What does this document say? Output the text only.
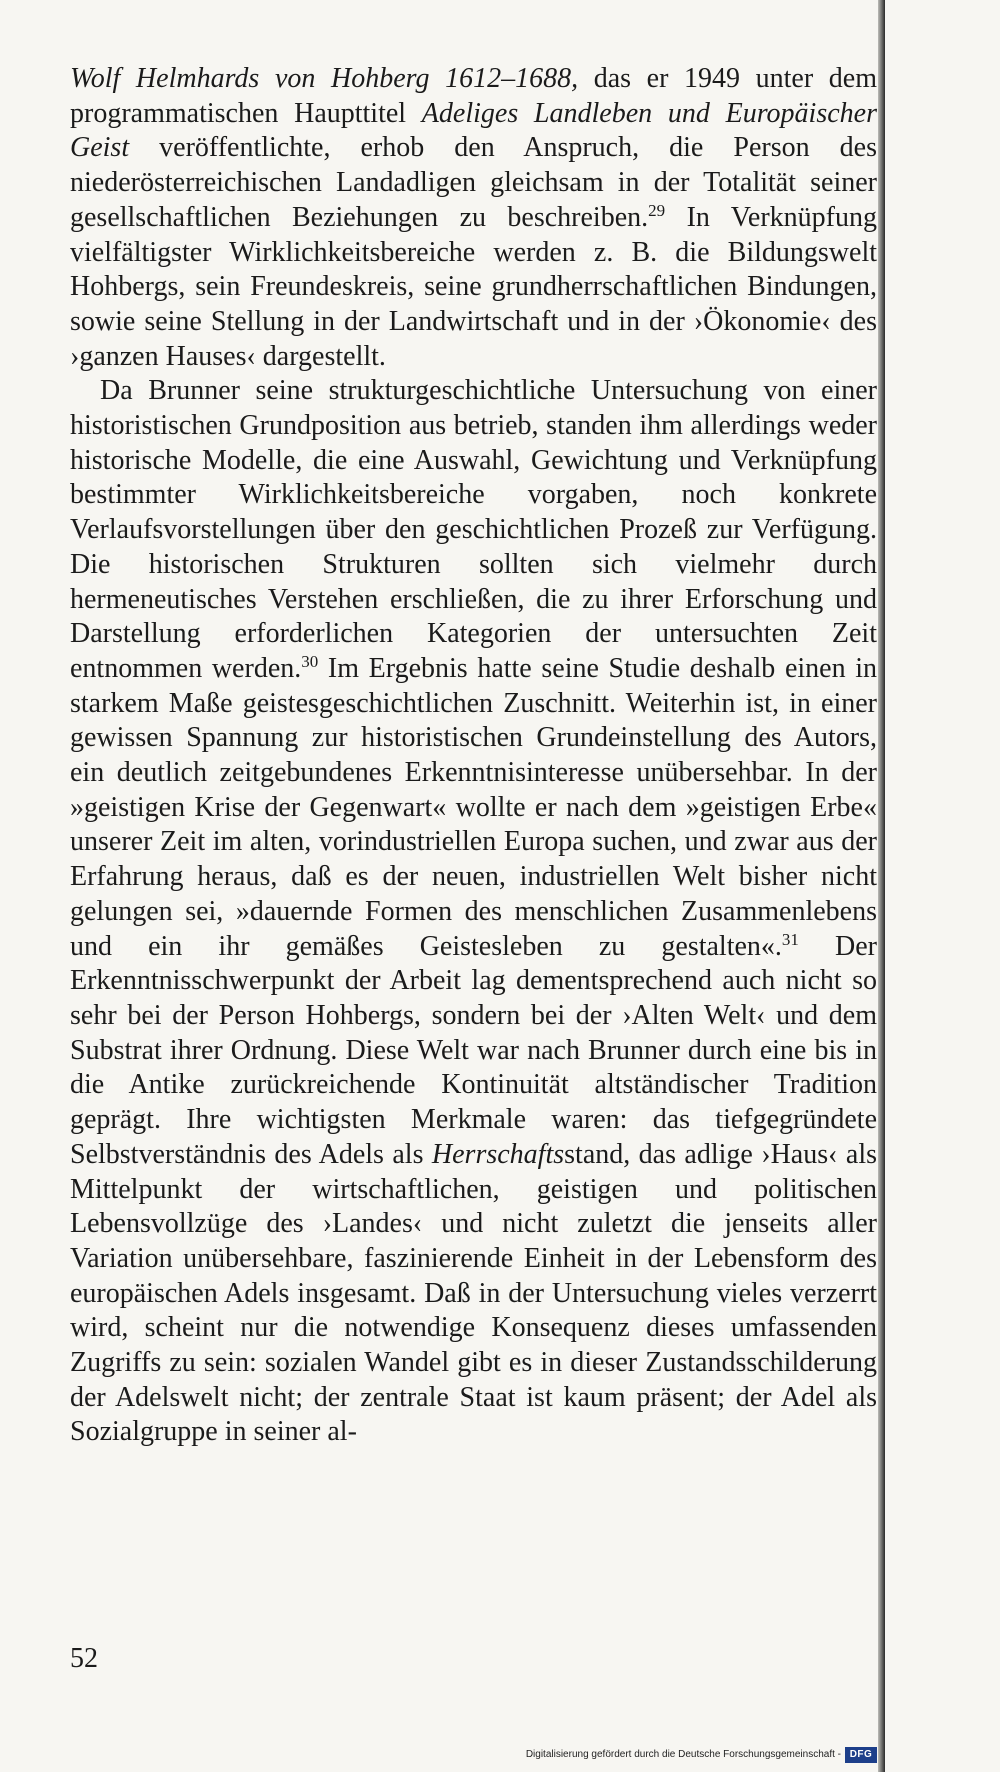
Wolf Helmhards von Hohberg 1612–1688, das er 1949 unter dem programmatischen Haupttitel Adeliges Landleben und Europäischer Geist veröffentlichte, erhob den Anspruch, die Person des niederösterreichischen Landadligen gleichsam in der Totalität seiner gesellschaftlichen Beziehungen zu beschreiben.$^{29}$ In Verknüpfung vielfältigster Wirklichkeitsbereiche werden z. B. die Bildungswelt Hohbergs, sein Freundeskreis, seine grundherrschaftlichen Bindungen, sowie seine Stellung in der Landwirtschaft und in der ›Ökonomie‹ des ›ganzen Hauses‹ dargestellt.

Da Brunner seine strukturgeschichtliche Untersuchung von einer historistischen Grundposition aus betrieb, standen ihm allerdings weder historische Modelle, die eine Auswahl, Gewichtung und Verknüpfung bestimmter Wirklichkeitsbereiche vorgaben, noch konkrete Verlaufsvorstellungen über den geschichtlichen Prozeß zur Verfügung. Die historischen Strukturen sollten sich vielmehr durch hermeneutisches Verstehen erschließen, die zu ihrer Erforschung und Darstellung erforderlichen Kategorien der untersuchten Zeit entnommen werden.$^{30}$ Im Ergebnis hatte seine Studie deshalb einen in starkem Maße geistesgeschichtlichen Zuschnitt. Weiterhin ist, in einer gewissen Spannung zur historistischen Grundeinstellung des Autors, ein deutlich zeitgebundenes Erkenntnisinteresse unübersehbar. In der »geistigen Krise der Gegenwart« wollte er nach dem »geistigen Erbe« unserer Zeit im alten, vorindustriellen Europa suchen, und zwar aus der Erfahrung heraus, daß es der neuen, industriellen Welt bisher nicht gelungen sei, »dauernde Formen des menschlichen Zusammenlebens und ein ihr gemäßes Geistesleben zu gestalten«.$^{31}$ Der Erkenntnisschwerpunkt der Arbeit lag dementsprechend auch nicht so sehr bei der Person Hohbergs, sondern bei der ›Alten Welt‹ und dem Substrat ihrer Ordnung. Diese Welt war nach Brunner durch eine bis in die Antike zurückreichende Kontinuität altständischer Tradition geprägt. Ihre wichtigsten Merkmale waren: das tiefgegründete Selbstverständnis des Adels als Herrschaftsstand, das adlige ›Haus‹ als Mittelpunkt der wirtschaftlichen, geistigen und politischen Lebensvollzüge des ›Landes‹ und nicht zuletzt die jenseits aller Variation unübersehbare, faszinierende Einheit in der Lebensform des europäischen Adels insgesamt. Daß in der Untersuchung vieles verzerrt wird, scheint nur die notwendige Konsequenz dieses umfassenden Zugriffs zu sein: sozialen Wandel gibt es in dieser Zustandsschilderung der Adelswelt nicht; der zentrale Staat ist kaum präsent; der Adel als Sozialgruppe in seiner al-

52
Digitalisierung gefördert durch die Deutsche Forschungsgemeinschaft - DFG
